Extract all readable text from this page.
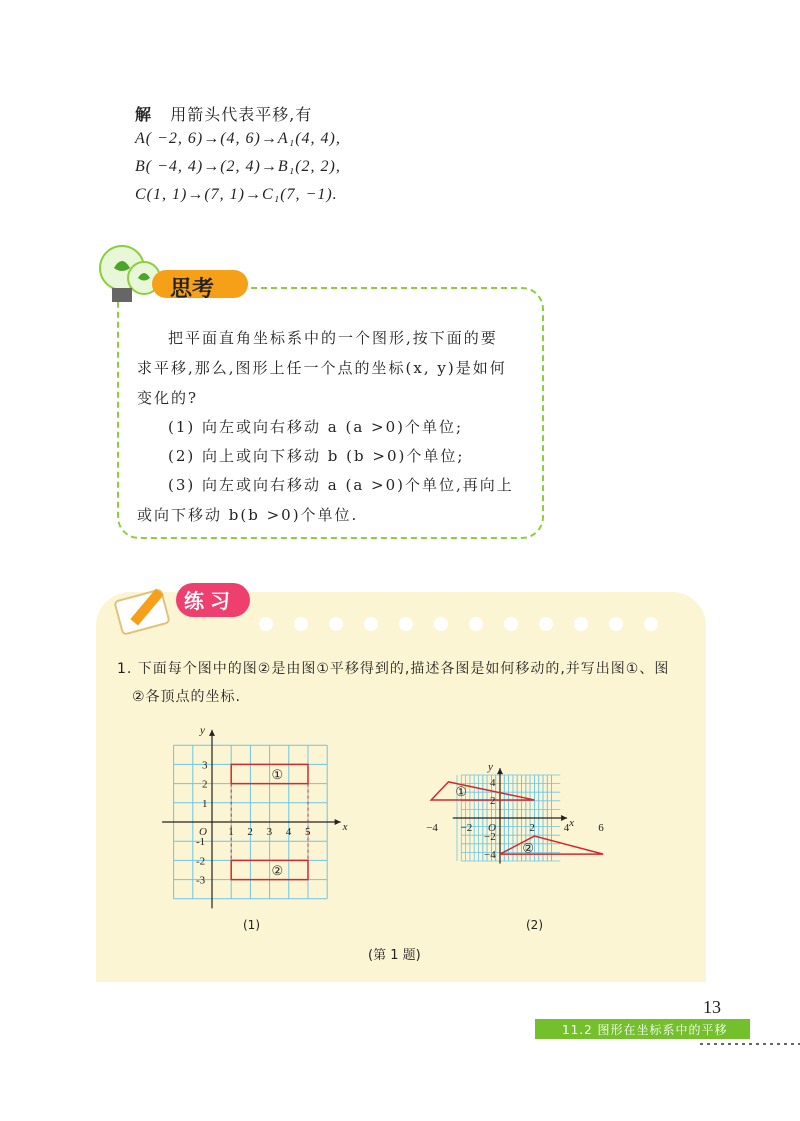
解 用箭头代表平移,有
A( −2, 6)→(4, 6)→A₁(4, 4),
B( −4, 4)→(2, 4)→B₁(2, 2),
C(1, 1)→(7, 1)→C₁(7, −1).
思考
把平面直角坐标系中的一个图形,按下面的要
求平移,那么,图形上任一个点的坐标(x, y)是如何
变化的?
(1) 向左或向右移动 a (a >0)个单位;
(2) 向上或向下移动 b (b >0)个单位;
(3) 向左或向右移动 a (a >0)个单位,再向上
或向下移动 b(b >0)个单位.
练习
1. 下面每个图中的图②是由图①平移得到的,描述各图是如何移动的,并写出图①、图
②各顶点的坐标.
1 2 3 4 5
3
2
1
-1
-2
-3
O	x
y
①
②
(1)
−4 −2	2	4	6
4
2
−2
−4
O	x
y
①
②
(2)
(第 1 题)
13
11.2 图形在坐标系中的平移
